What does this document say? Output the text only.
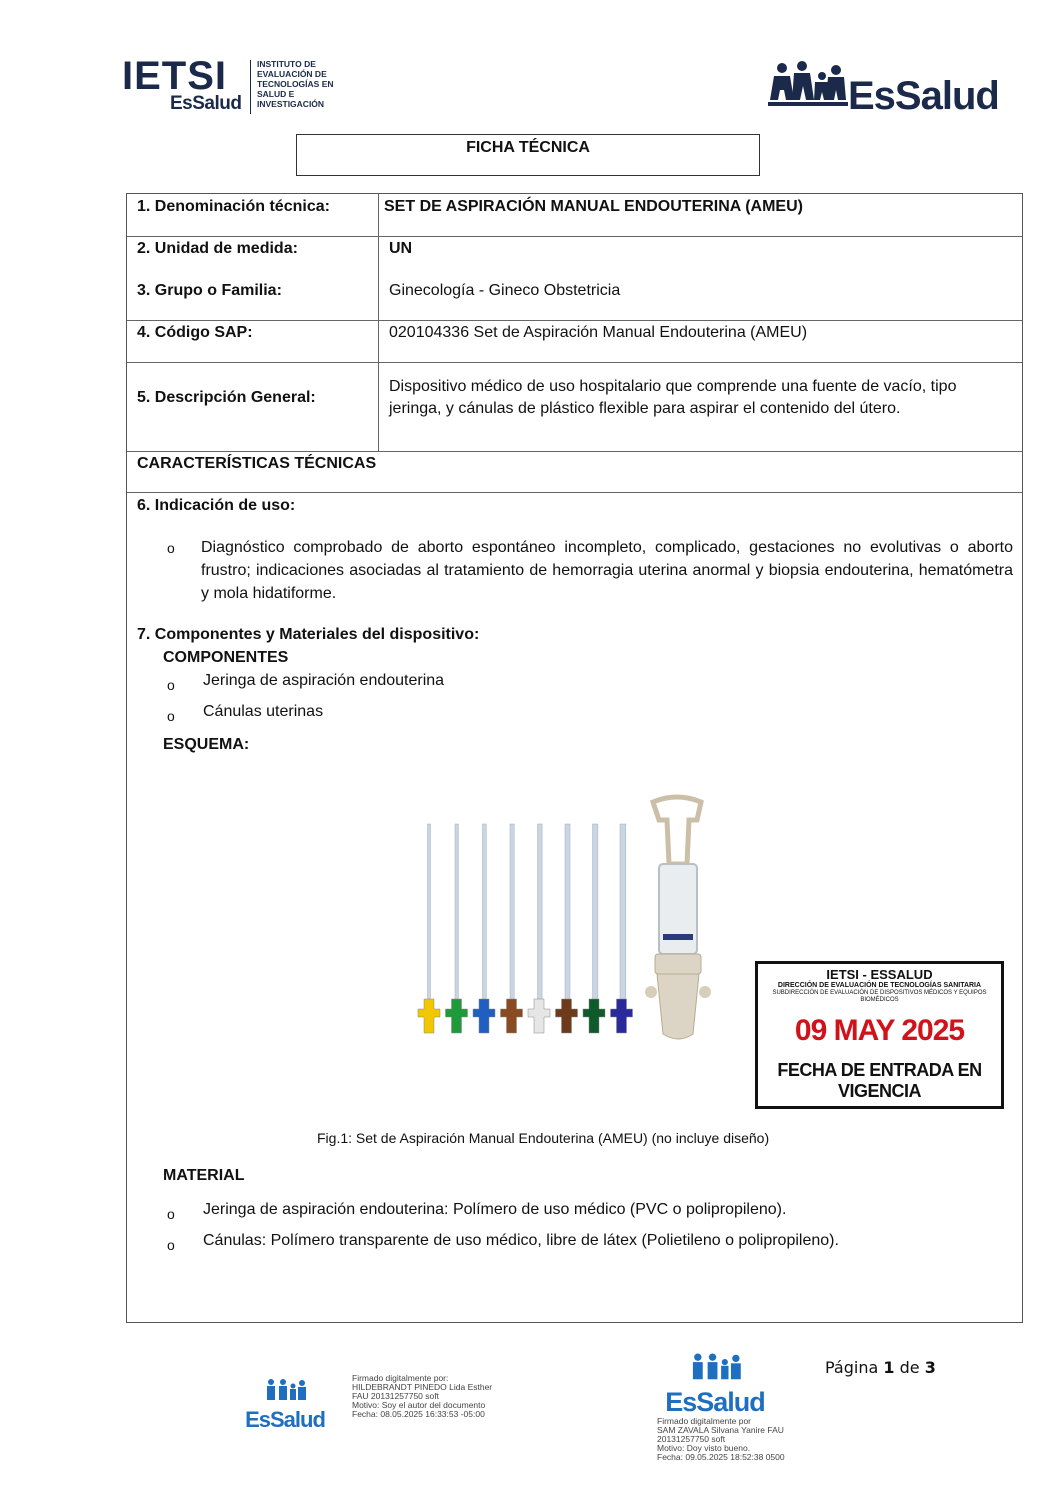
IETSI
EsSalud
INSTITUTO DE
EVALUACIÓN DE
TECNOLOGÍAS EN
SALUD E
INVESTIGACIÓN	EsSalud
FICHA TÉCNICA
1. Denominación técnica:	SET DE ASPIRACIÓN MANUAL ENDOUTERINA (AMEU)
2. Unidad de medida:	UN
3. Grupo o Familia:	Ginecología - Gineco Obstetricia
4. Código SAP:	020104336 Set de Aspiración Manual Endouterina (AMEU)
5. Descripción General:
Dispositivo médico de uso hospitalario que comprende una fuente de vacío, tipo
jeringa, y cánulas de plástico flexible para aspirar el contenido del útero.
CARACTERÍSTICAS TÉCNICAS
6. Indicación de uso:
o Diagnóstico comprobado de aborto espontáneo incompleto, complicado, gestaciones no evolutivas o aborto frustro; indicaciones asociadas al tratamiento de hemorragia uterina anormal y biopsia endouterina, hematómetra y mola hidatiforme.
7. Componentes y Materiales del dispositivo:
COMPONENTES
o Jeringa de aspiración endouterina
o Cánulas uterinas
ESQUEMA:
Fig.1: Set de Aspiración Manual Endouterina (AMEU) (no incluye diseño)
MATERIAL
o Jeringa de aspiración endouterina: Polímero de uso médico (PVC o polipropileno).
o Cánulas: Polímero transparente de uso médico, libre de látex (Polietileno o polipropileno).
IETSI - ESSALUD
DIRECCIÓN DE EVALUACIÓN DE TECNOLOGÍAS SANITARIA
SUBDIRECCIÓN DE EVALUACIÓN DE DISPOSITIVOS MÉDICOS Y EQUIPOS BIOMÉDICOS
09 MAY 2025
FECHA DE ENTRADA EN VIGENCIA
EsSalud
Firmado digitalmente por:
HILDEBRANDT PINEDO Lida Esther
FAU 20131257750 soft
Motivo: Soy el autor del documento
Fecha: 08.05.2025 16:33:53 -05:00	EsSalud
Firmado digitalmente por
SAM ZAVALA Silvana Yanire FAU
20131257750 soft
Motivo: Doy visto bueno.
Fecha: 09.05.2025 18:52:38 0500
Página 1 de 3
